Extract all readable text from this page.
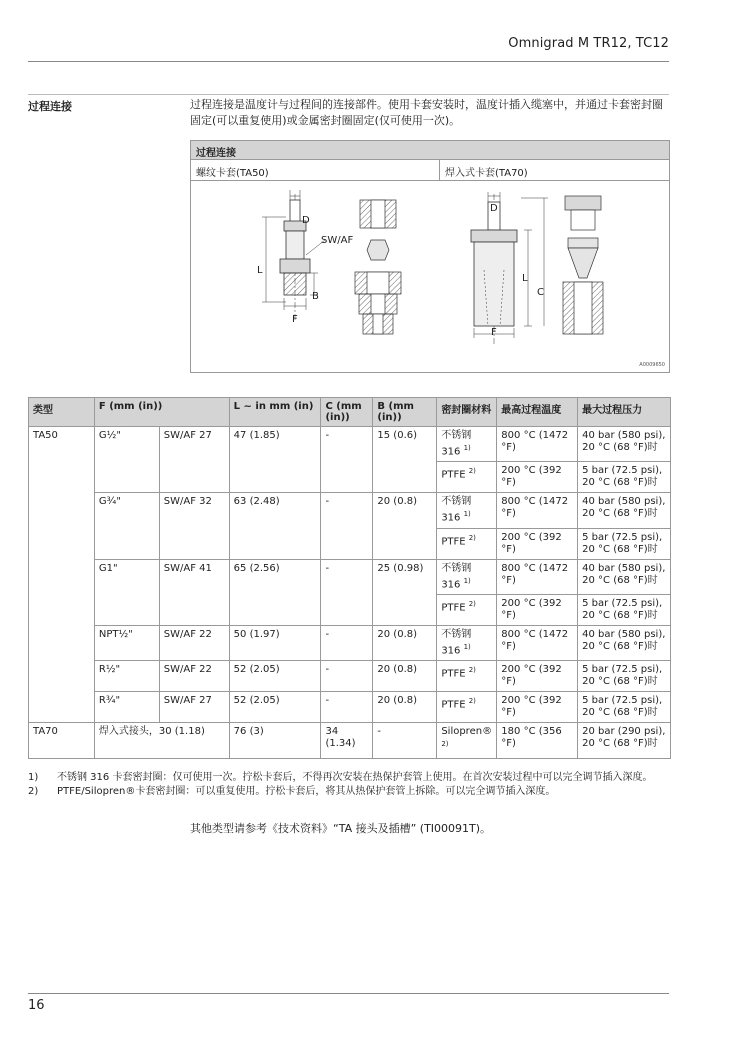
Omnigrad M TR12, TC12
过程连接	过程连接是温度计与过程间的连接部件。使用卡套安装时，温度计插入缆塞中，并通过卡套密封圈固定(可以重复使用)或金属密封圈固定(仅可使用一次)。
过程连接
螺纹卡套(TA50)	焊入式卡套(TA70)
D
SW/AF
L
B
F
D
L
C
F
A0009650
类型	F (mm (in))		L ~ in mm (in)	C (mm (in))	B (mm (in))	密封圈材料	最高过程温度	最大过程压力
TA50	G½"	SW/AF 27	47 (1.85)	-	15 (0.6)	不锈钢 316 $^{1)}$	800 °C (1472 °F)	40 bar (580 psi), 20 °C (68 °F)时
						PTFE $^{2)}$	200 °C (392 °F)	5 bar (72.5 psi), 20 °C (68 °F)时
	G¾"	SW/AF 32	63 (2.48)	-	20 (0.8)	不锈钢 316 $^{1)}$	800 °C (1472 °F)	40 bar (580 psi), 20 °C (68 °F)时
						PTFE $^{2)}$	200 °C (392 °F)	5 bar (72.5 psi), 20 °C (68 °F)时
	G1"	SW/AF 41	65 (2.56)	-	25 (0.98)	不锈钢 316 $^{1)}$	800 °C (1472 °F)	40 bar (580 psi), 20 °C (68 °F)时
						PTFE $^{2)}$	200 °C (392 °F)	5 bar (72.5 psi), 20 °C (68 °F)时
	NPT½"	SW/AF 22	50 (1.97)	-	20 (0.8)	不锈钢 316 $^{1)}$	800 °C (1472 °F)	40 bar (580 psi), 20 °C (68 °F)时
	R½"	SW/AF 22	52 (2.05)	-	20 (0.8)	PTFE $^{2)}$	200 °C (392 °F)	5 bar (72.5 psi), 20 °C (68 °F)时
	R¾"	SW/AF 27	52 (2.05)	-	20 (0.8)	PTFE $^{2)}$	200 °C (392 °F)	5 bar (72.5 psi), 20 °C (68 °F)时
TA70	焊入式接头，30 (1.18)		76 (3)	34 (1.34)	-	Silopren® $^{2)}$	180 °C (356 °F)	20 bar (290 psi), 20 °C (68 °F)时
1) 不锈钢 316 卡套密封圈：仅可使用一次。拧松卡套后，不得再次安装在热保护套管上使用。在首次安装过程中可以完全调节插入深度。
2) PTFE/Silopren®卡套密封圈：可以重复使用。拧松卡套后，将其从热保护套管上拆除。可以完全调节插入深度。
其他类型请参考《技术资料》“TA 接头及插槽” (TI00091T)。
16
